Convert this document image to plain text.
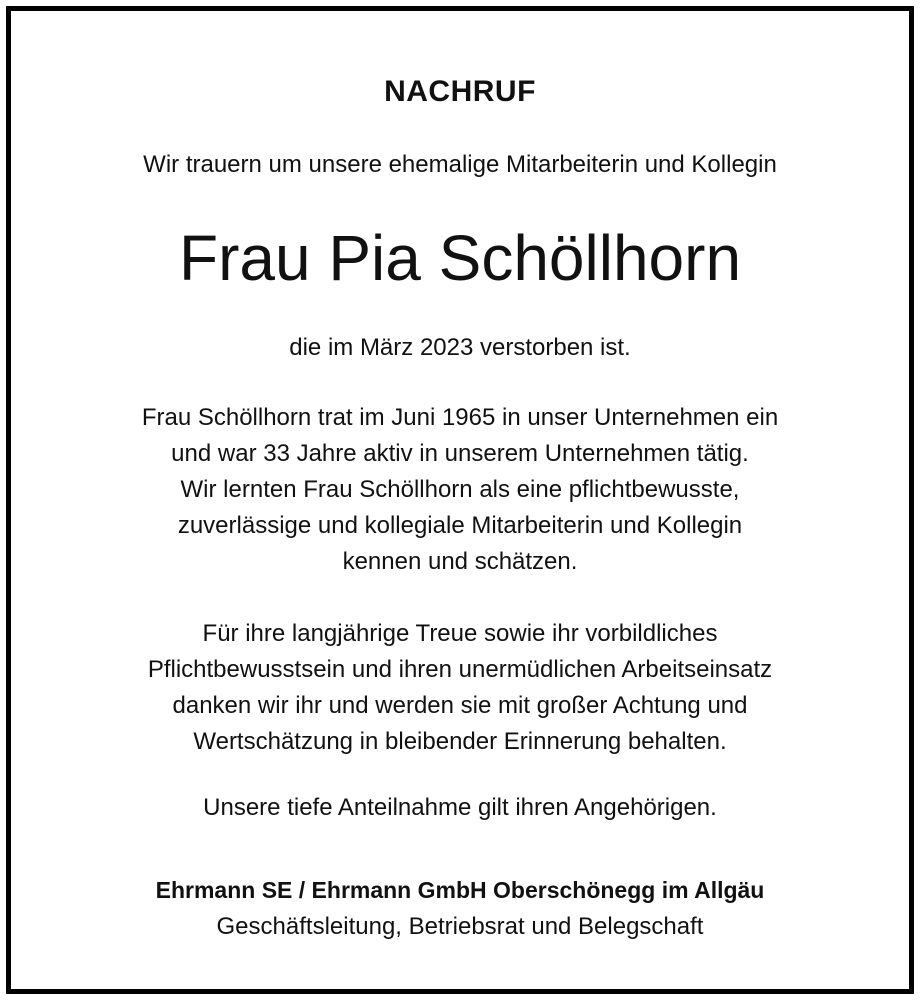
NACHRUF
Wir trauern um unsere ehemalige Mitarbeiterin und Kollegin
Frau Pia Schöllhorn
die im März 2023 verstorben ist.
Frau Schöllhorn trat im Juni 1965 in unser Unternehmen ein
und war 33 Jahre aktiv in unserem Unternehmen tätig.
Wir lernten Frau Schöllhorn als eine pflichtbewusste,
zuverlässige und kollegiale Mitarbeiterin und Kollegin
kennen und schätzen.
Für ihre langjährige Treue sowie ihr vorbildliches
Pflichtbewusstsein und ihren unermüdlichen Arbeitseinsatz
danken wir ihr und werden sie mit großer Achtung und
Wertschätzung in bleibender Erinnerung behalten.
Unsere tiefe Anteilnahme gilt ihren Angehörigen.
Ehrmann SE / Ehrmann GmbH Oberschönegg im Allgäu
Geschäftsleitung, Betriebsrat und Belegschaft
